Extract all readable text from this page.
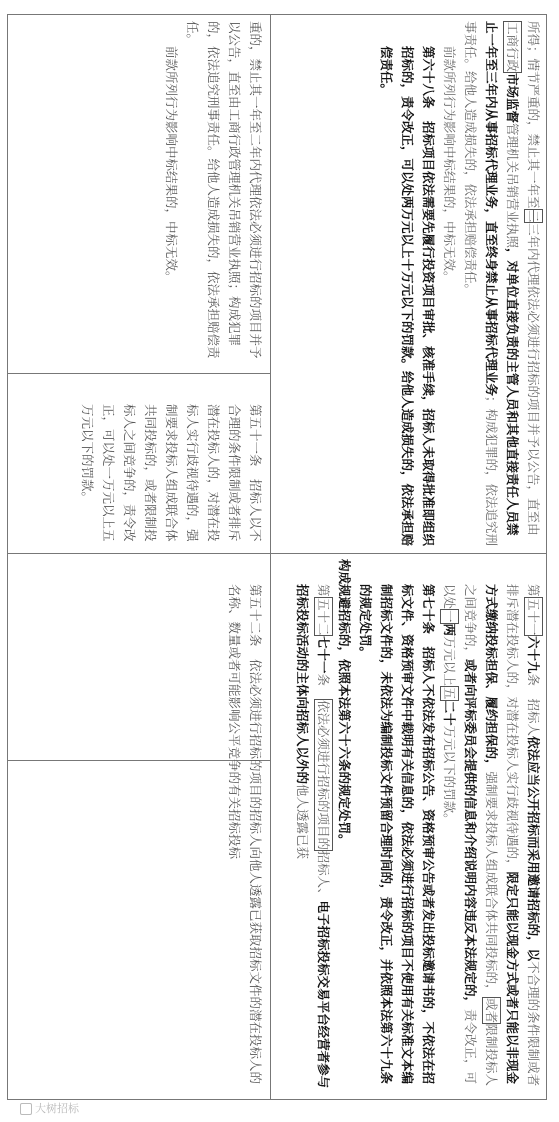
重的，禁止其一年至二年内代理依法必须进行招标的项目并予以公告，直至由工商行政管理机关吊销营业执照；构成犯罪的，依法追究刑事责任。给他人造成损失的，依法承担赔偿责任。
前款所列行为影响中标结果的，中标无效。
第五十一条　招标人以不合理的条件限制或者排斥潜在投标人的，对潜在投标人实行歧视待遇的，强制要求投标人组成联合体共同投标的，或者限制投标人之间竞争的，责令改正，可以处一万元以上五万元以下的罚款。
第五十二条　依法必须进行招标的项目的招标人向他人透露已获取招标文件的潜在投标人的名称、数量或者可能影响公平竞争的有关招标投标
所得；情节严重的，禁止其一年至二三年内代理依法必须进行招标的项目并予以公告，直至由工商行政市场监督管理机关吊销营业执照，对单位直接负责的主管人员和其他直接责任人员禁止一年至三年内从事招标代理业务，直至终身禁止从事招标代理业务；构成犯罪的，依法追究刑事责任。给他人造成损失的，依法承担赔偿责任。
前款所列行为影响中标结果的，中标无效。
第六十八条　招标项目依法需要先履行投资项目审批、核准手续，招标人未取得批准即组织招标的，责令改正，可以处两万元以上十万元以下的罚款。给他人造成损失的，依法承担赔偿责任。
第五十一六十九条　招标人依法应当公开招标而采用邀请招标的，以不合理的条件限制或者排斥潜在投标人的，对潜在投标人实行歧视待遇的，限定只能以现金方式或者只能以非现金方式缴纳投标担保、履约担保的，强制要求投标人组成联合体共同投标的，或者限制投标人之间竞争的，或者向评标委员会提供的信息和介绍说明内容违反本法规定的，责令改正，可以处一两万元以上五二十万元以下的罚款。
第七十条　招标人不依法发布招标公告、资格预审公告或者发出投标邀请书的，不依法在招标文件、资格预审文件中载明有关信息的，依法必须进行招标的项目不使用有关标准文本编制招标文件的，未依法为编制投标文件预留合理时间的，责令改正，并依照本法第六十九条的规定处罚。
构成规避招标的，依照本法第六十六条的规定处罚。
第五十二七十一条　依法必须进行招标的项目的招标人、电子招标投标交易平台经营者参与招标投标活动的主体向招标人以外的他人透露已获
大树招标
